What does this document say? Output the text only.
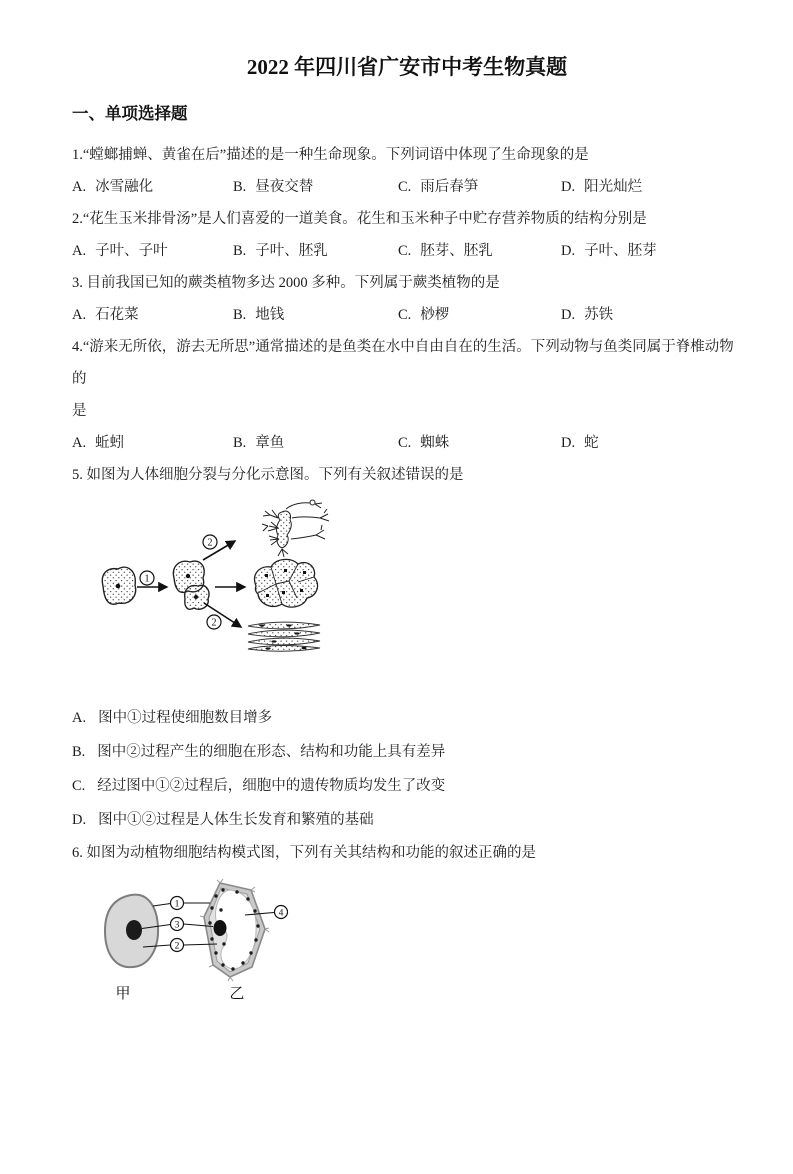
2022 年四川省广安市中考生物真题
一、单项选择题
1.“螳螂捕蝉、黄雀在后”描述的是一种生命现象。下列词语中体现了生命现象的是
A. 冰雪融化	B. 昼夜交替	C. 雨后春笋	D. 阳光灿烂
2.“花生玉米排骨汤”是人们喜爱的一道美食。花生和玉米种子中贮存营养物质的结构分别是
A. 子叶、子叶	B. 子叶、胚乳	C. 胚芽、胚乳	D. 子叶、胚芽
3. 目前我国已知的蕨类植物多达 2000 多种。下列属于蕨类植物的是
A. 石花菜	B. 地钱	C. 桫椤	D. 苏铁
4.“游来无所依，游去无所思”通常描述的是鱼类在水中自由自在的生活。下列动物与鱼类同属于脊椎动物的
是
A. 蚯蚓	B. 章鱼	C. 蜘蛛	D. 蛇
5. 如图为人体细胞分裂与分化示意图。下列有关叙述错误的是
1
2
2
A. 图中①过程使细胞数目增多
B. 图中②过程产生的细胞在形态、结构和功能上具有差异
C. 经过图中①②过程后，细胞中的遗传物质均发生了改变
D. 图中①②过程是人体生长发育和繁殖的基础
6. 如图为动植物细胞结构模式图，下列有关其结构和功能的叙述正确的是
1
3
2
4
甲	乙
